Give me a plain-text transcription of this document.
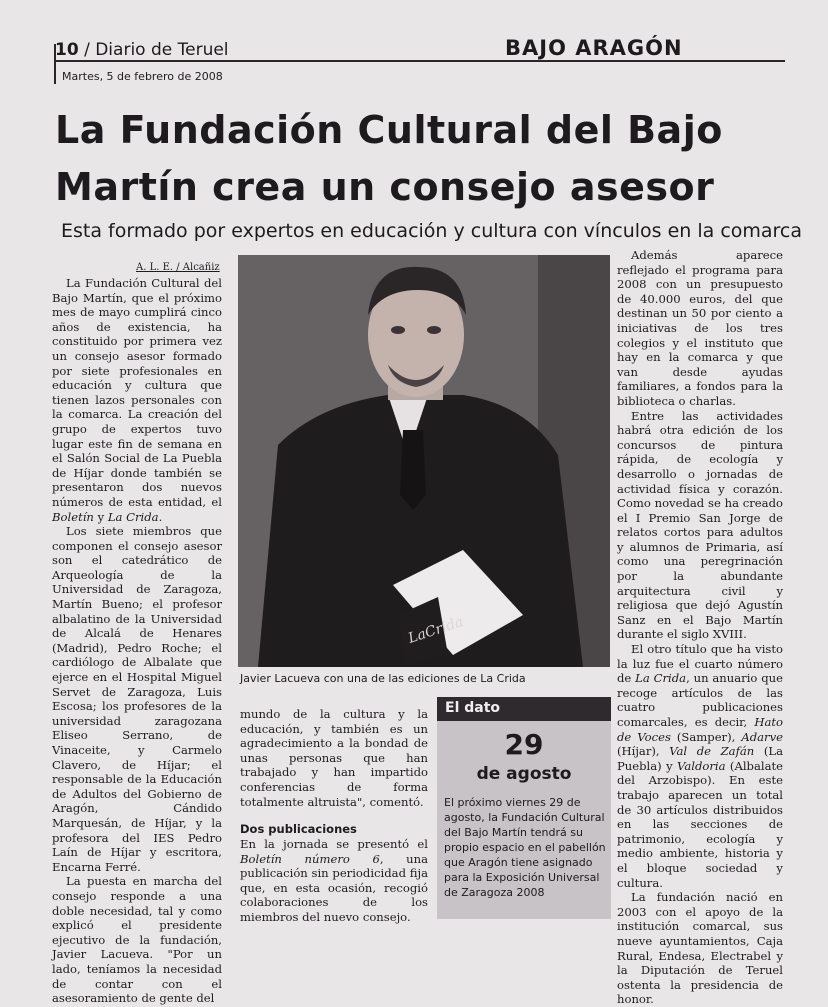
10 / Diario de Teruel	BAJO ARAGÓN
Martes, 5 de febrero de 2008
La Fundación Cultural del Bajo
Martín crea un consejo asesor
Esta formado por expertos en educación y cultura con vínculos en la comarca
A. L. E. / Alcañiz

La Fundación Cultural del Bajo Martín, que el próximo mes de mayo cumplirá cinco años de existencia, ha constituido por primera vez un consejo asesor formado por siete profesionales en educación y cultura que tienen lazos personales con la comarca. La creación del grupo de expertos tuvo lugar este fin de semana en el Salón Social de La Puebla de Híjar donde también se presentaron dos nuevos números de esta entidad, el Boletín y La Crida.

Los siete miembros que componen el consejo asesor son el catedrático de Arqueología de la Universidad de Zaragoza, Martín Bueno; el profesor albalatino de la Universidad de Alcalá de Henares (Madrid), Pedro Roche; el cardiólogo de Albalate que ejerce en el Hospital Miguel Servet de Zaragoza, Luis Escosa; los profesores de la universidad zaragozana Eliseo Serrano, de Vinaceite, y Carmelo Clavero, de Híjar; el responsable de la Educación de Adultos del Gobierno de Aragón, Cándido Marquesán, de Híjar, y la profesora del IES Pedro Laín de Híjar y escritora, Encarna Ferré.

La puesta en marcha del consejo responde a una doble necesidad, tal y como explicó el presidente ejecutivo de la fundación, Javier Lacueva. "Por un lado, teníamos la necesidad de contar con el asesoramiento de gente del

LaCrida
Javier Lacueva con una de las ediciones de La Crida

mundo de la cultura y la educación, y también es un agradecimiento a la bondad de unas personas que han trabajado y han impartido conferencias de forma totalmente altruista", comentó.

Dos publicaciones

En la jornada se presentó el Boletín número 6, una publicación sin periodicidad fija que, en esta ocasión, recogió colaboraciones de los miembros del nuevo consejo.

El dato
29
de agosto
El próximo viernes 29 de agosto, la Fundación Cultural del Bajo Martín tendrá su propio espacio en el pabellón que Aragón tiene asignado para la Exposición Universal de Zaragoza 2008

Además aparece reflejado el programa para 2008 con un presupuesto de 40.000 euros, del que destinan un 50 por ciento a iniciativas de los tres colegios y el instituto que hay en la comarca y que van desde ayudas familiares, a fondos para la biblioteca o charlas.

Entre las actividades habrá otra edición de los concursos de pintura rápida, de ecología y desarrollo o jornadas de actividad física y corazón. Como novedad se ha creado el I Premio San Jorge de relatos cortos para adultos y alumnos de Primaria, así como una peregrinación por la abundante arquitectura civil y religiosa que dejó Agustín Sanz en el Bajo Martín durante el siglo XVIII.

El otro título que ha visto la luz fue el cuarto número de La Crida, un anuario que recoge artículos de las cuatro publicaciones comarcales, es decir, Hato de Voces (Samper), Adarve (Híjar), Val de Zafán (La Puebla) y Valdoria (Albalate del Arzobispo). En este trabajo aparecen un total de 30 artículos distribuidos en las secciones de patrimonio, ecología y medio ambiente, historia y el bloque sociedad y cultura.

La fundación nació en 2003 con el apoyo de la institución comarcal, sus nueve ayuntamientos, Caja Rural, Endesa, Electrabel y la Diputación de Teruel ostenta la presidencia de honor.
